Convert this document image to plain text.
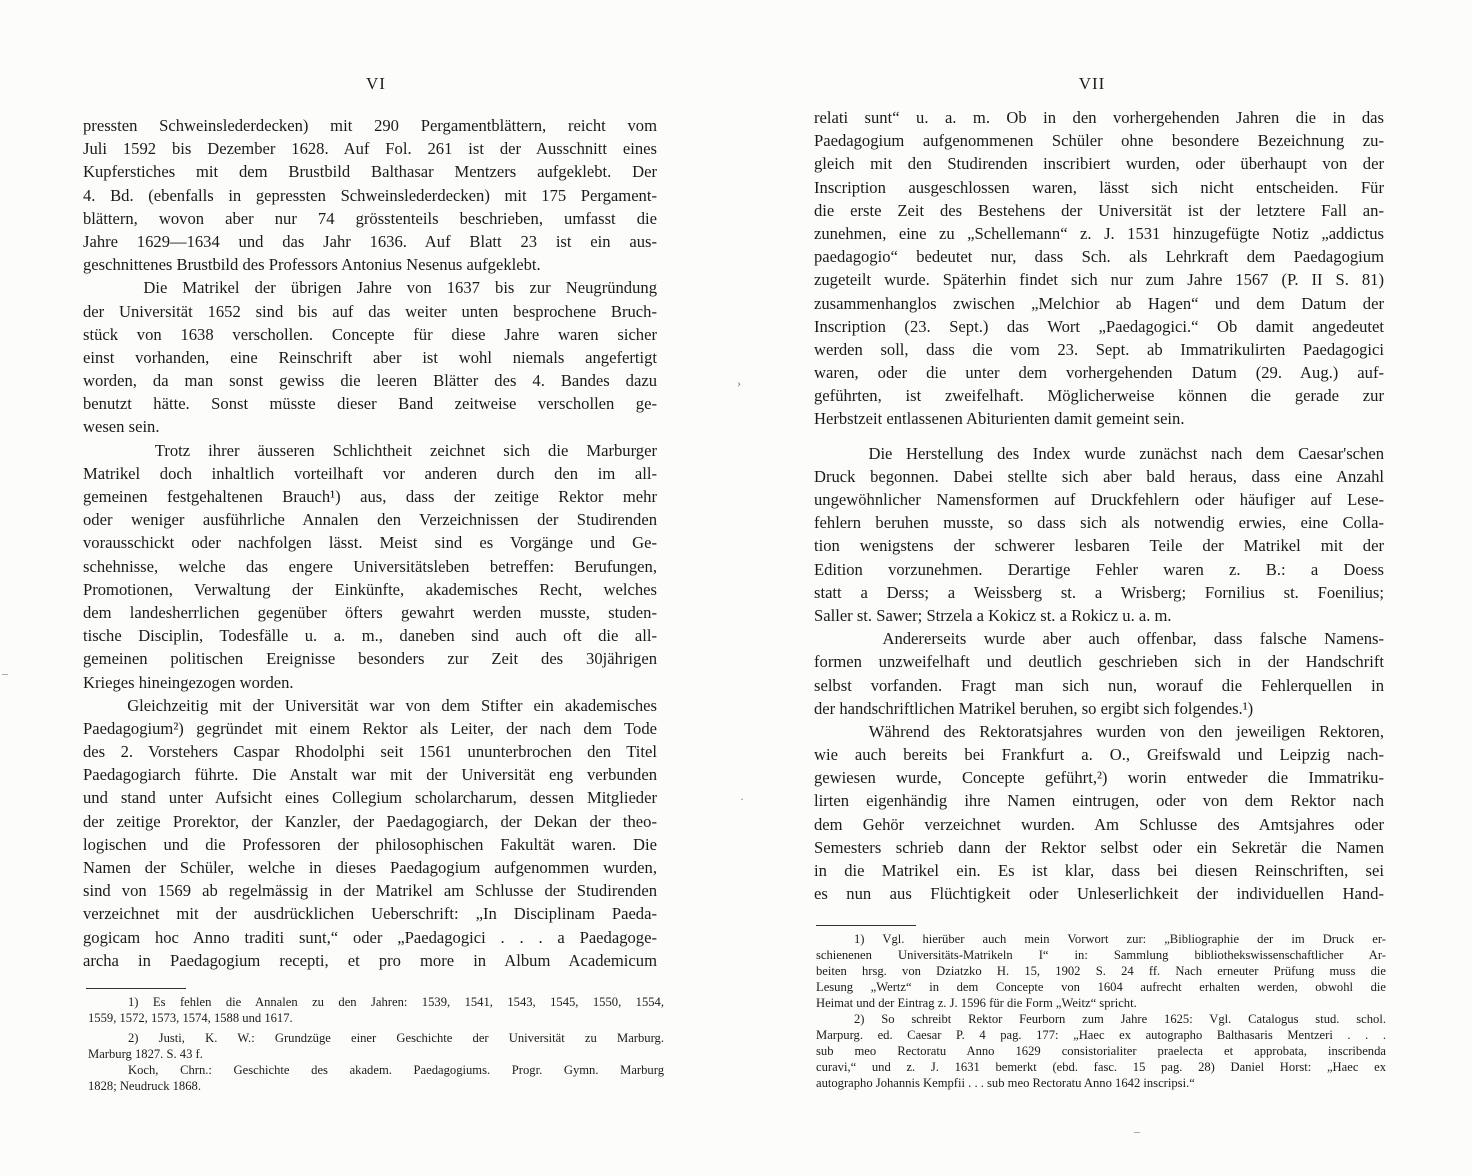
VI
pressten Schweinslederdecken) mit 290 Pergamentblättern, reicht vom
Juli 1592 bis Dezember 1628. Auf Fol. 261 ist der Ausschnitt eines
Kupferstiches mit dem Brustbild Balthasar Mentzers aufgeklebt. Der
4. Bd. (ebenfalls in gepressten Schweinslederdecken) mit 175 Pergament-
blättern, wovon aber nur 74 grösstenteils beschrieben, umfasst die
Jahre 1629—1634 und das Jahr 1636. Auf Blatt 23 ist ein aus-
geschnittenes Brustbild des Professors Antonius Nesenus aufgeklebt.
Die Matrikel der übrigen Jahre von 1637 bis zur Neugründung
der Universität 1652 sind bis auf das weiter unten besprochene Bruch-
stück von 1638 verschollen. Concepte für diese Jahre waren sicher
einst vorhanden, eine Reinschrift aber ist wohl niemals angefertigt
worden, da man sonst gewiss die leeren Blätter des 4. Bandes dazu
benutzt hätte. Sonst müsste dieser Band zeitweise verschollen ge-
wesen sein.
Trotz ihrer äusseren Schlichtheit zeichnet sich die Marburger
Matrikel doch inhaltlich vorteilhaft vor anderen durch den im all-
gemeinen festgehaltenen Brauch¹) aus, dass der zeitige Rektor mehr
oder weniger ausführliche Annalen den Verzeichnissen der Studirenden
vorausschickt oder nachfolgen lässt. Meist sind es Vorgänge und Ge-
schehnisse, welche das engere Universitätsleben betreffen: Berufungen,
Promotionen, Verwaltung der Einkünfte, akademisches Recht, welches
dem landesherrlichen gegenüber öfters gewahrt werden musste, studen-
tische Disciplin, Todesfälle u. a. m., daneben sind auch oft die all-
gemeinen politischen Ereignisse besonders zur Zeit des 30jährigen
Krieges hineingezogen worden.
Gleichzeitig mit der Universität war von dem Stifter ein akademisches
Paedagogium²) gegründet mit einem Rektor als Leiter, der nach dem Tode
des 2. Vorstehers Caspar Rhodolphi seit 1561 ununterbrochen den Titel
Paedagogiarch führte. Die Anstalt war mit der Universität eng verbunden
und stand unter Aufsicht eines Collegium scholarcharum, dessen Mitglieder
der zeitige Prorektor, der Kanzler, der Paedagogiarch, der Dekan der theo-
logischen und die Professoren der philosophischen Fakultät waren. Die
Namen der Schüler, welche in dieses Paedagogium aufgenommen wurden,
sind von 1569 ab regelmässig in der Matrikel am Schlusse der Studirenden
verzeichnet mit der ausdrücklichen Ueberschrift: „In Disciplinam Paeda-
gogicam hoc Anno traditi sunt,“ oder „Paedagogici . . . a Paedagoge-
archa in Paedagogium recepti, et pro more in Album Academicum
1) Es fehlen die Annalen zu den Jahren: 1539, 1541, 1543, 1545, 1550, 1554,
1559, 1572, 1573, 1574, 1588 und 1617.
2) Justi, K. W.: Grundzüge einer Geschichte der Universität zu Marburg.
Marburg 1827. S. 43 f.
Koch, Chrn.: Geschichte des akadem. Paedagogiums. Progr. Gymn. Marburg
1828; Neudruck 1868.
VII
relati sunt“ u. a. m. Ob in den vorhergehenden Jahren die in das
Paedagogium aufgenommenen Schüler ohne besondere Bezeichnung zu-
gleich mit den Studirenden inscribiert wurden, oder überhaupt von der
Inscription ausgeschlossen waren, lässt sich nicht entscheiden. Für
die erste Zeit des Bestehens der Universität ist der letztere Fall an-
zunehmen, eine zu „Schellemann“ z. J. 1531 hinzugefügte Notiz „addictus
paedagogio“ bedeutet nur, dass Sch. als Lehrkraft dem Paedagogium
zugeteilt wurde. Späterhin findet sich nur zum Jahre 1567 (P. II S. 81)
zusammenhanglos zwischen „Melchior ab Hagen“ und dem Datum der
Inscription (23. Sept.) das Wort „Paedagogici.“ Ob damit angedeutet
werden soll, dass die vom 23. Sept. ab Immatrikulirten Paedagogici
waren, oder die unter dem vorhergehenden Datum (29. Aug.) auf-
geführten, ist zweifelhaft. Möglicherweise können die gerade zur
Herbstzeit entlassenen Abiturienten damit gemeint sein.
Die Herstellung des Index wurde zunächst nach dem Caesar'schen
Druck begonnen. Dabei stellte sich aber bald heraus, dass eine Anzahl
ungewöhnlicher Namensformen auf Druckfehlern oder häufiger auf Lese-
fehlern beruhen musste, so dass sich als notwendig erwies, eine Colla-
tion wenigstens der schwerer lesbaren Teile der Matrikel mit der
Edition vorzunehmen. Derartige Fehler waren z. B.: a Doess
statt a Derss; a Weissberg st. a Wrisberg; Fornilius st. Foenilius;
Saller st. Sawer; Strzela a Kokicz st. a Rokicz u. a. m.
Andererseits wurde aber auch offenbar, dass falsche Namens-
formen unzweifelhaft und deutlich geschrieben sich in der Handschrift
selbst vorfanden. Fragt man sich nun, worauf die Fehlerquellen in
der handschriftlichen Matrikel beruhen, so ergibt sich folgendes.¹)
Während des Rektoratsjahres wurden von den jeweiligen Rektoren,
wie auch bereits bei Frankfurt a. O., Greifswald und Leipzig nach-
gewiesen wurde, Concepte geführt,²) worin entweder die Immatriku-
lirten eigenhändig ihre Namen eintrugen, oder von dem Rektor nach
dem Gehör verzeichnet wurden. Am Schlusse des Amtsjahres oder
Semesters schrieb dann der Rektor selbst oder ein Sekretär die Namen
in die Matrikel ein. Es ist klar, dass bei diesen Reinschriften, sei
es nun aus Flüchtigkeit oder Unleserlichkeit der individuellen Hand-
1) Vgl. hierüber auch mein Vorwort zur: „Bibliographie der im Druck er-
schienenen Universitäts-Matrikeln I“ in: Sammlung bibliothekswissenschaftlicher Ar-
beiten hrsg. von Dziatzko H. 15, 1902 S. 24 ff. Nach erneuter Prüfung muss die
Lesung „Wertz“ in dem Concepte von 1604 aufrecht erhalten werden, obwohl die
Heimat und der Eintrag z. J. 1596 für die Form „Weitz“ spricht.
2) So schreibt Rektor Feurborn zum Jahre 1625: Vgl. Catalogus stud. schol.
Marpurg. ed. Caesar P. 4 pag. 177: „Haec ex autographo Balthasaris Mentzeri . . .
sub meo Rectoratu Anno 1629 consistorialiter praelecta et approbata, inscribenda
curavi,“ und z. J. 1631 bemerkt (ebd. fasc. 15 pag. 28) Daniel Horst: „Haec ex
autographo Johannis Kempfii . . . sub meo Rectoratu Anno 1642 inscripsi.“
–
›
·
–
